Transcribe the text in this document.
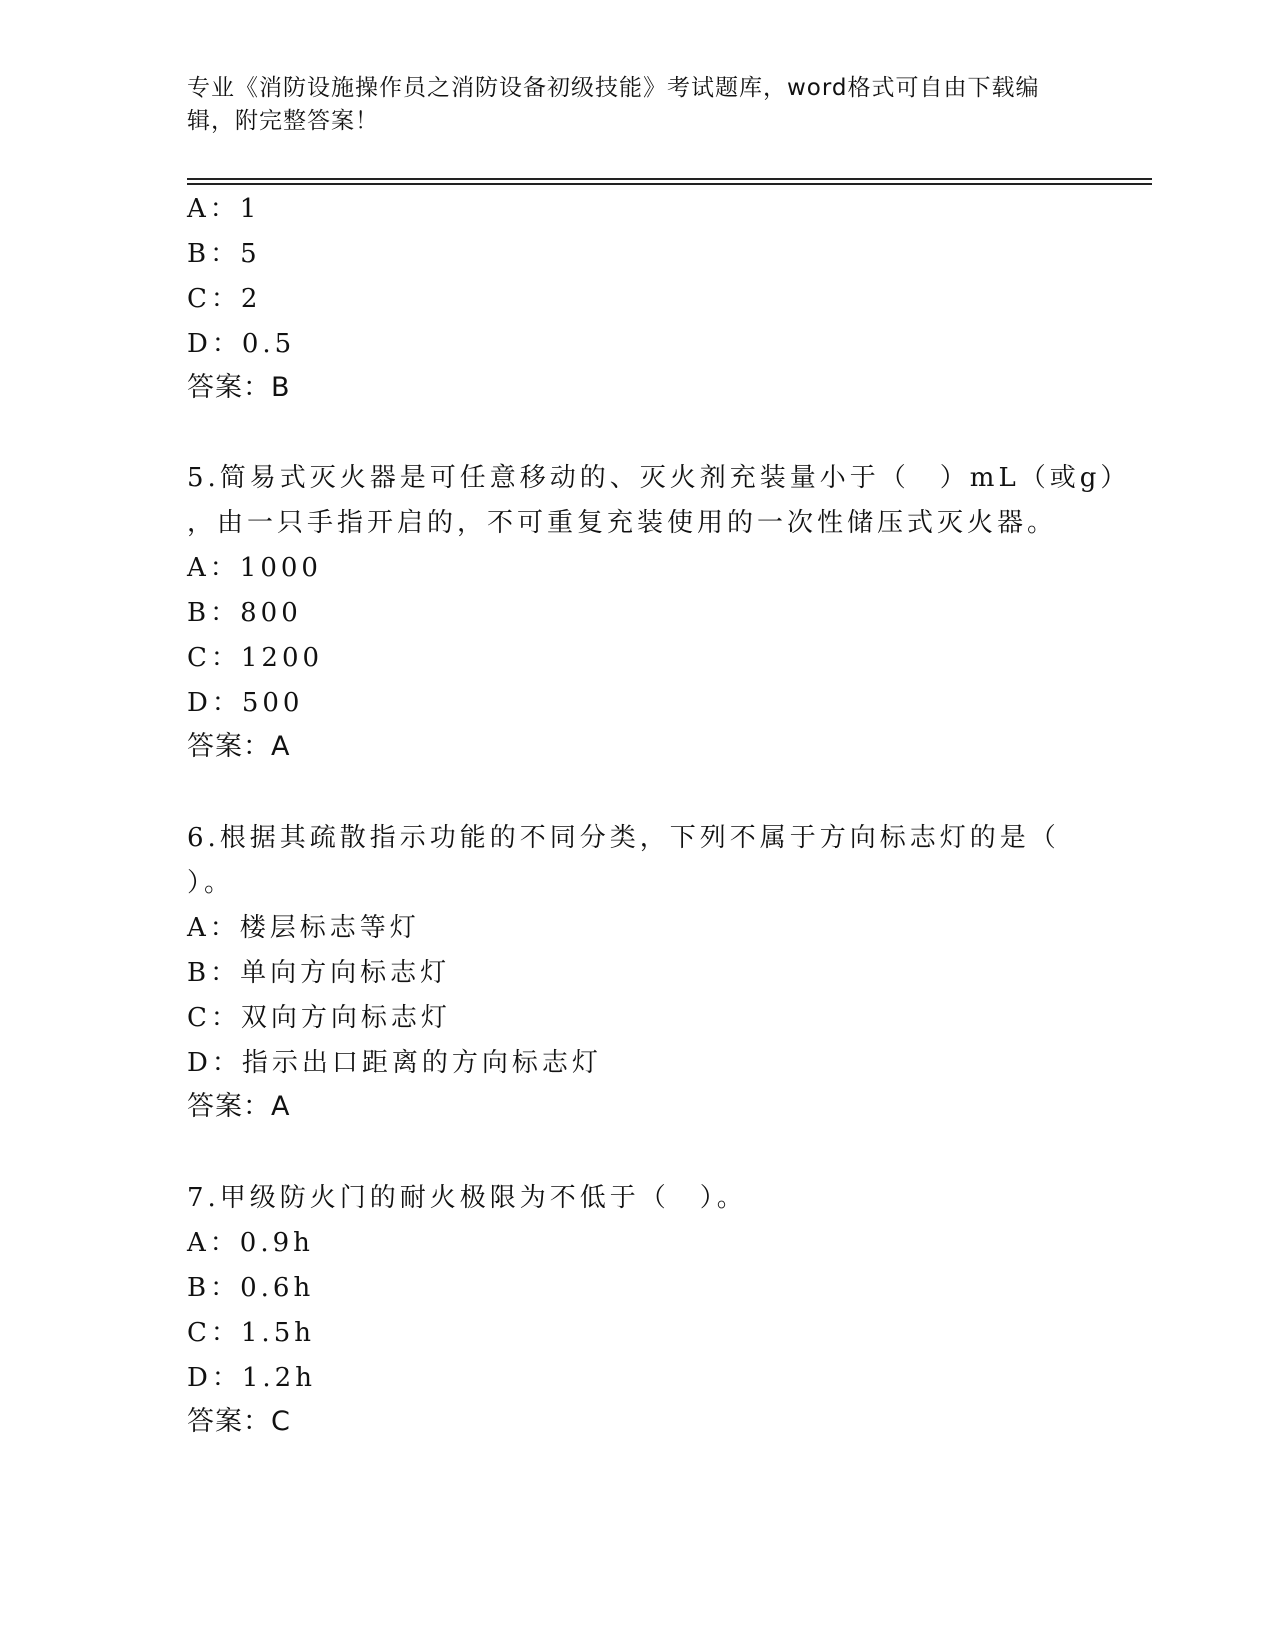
专业《消防设施操作员之消防设备初级技能》考试题库，word格式可自由下载编
辑，附完整答案！
A：1
B：5
C：2
D：0.5
答案：B
5.简易式灭火器是可任意移动的、灭火剂充装量小于（　）mL（或g）
，由一只手指开启的，不可重复充装使用的一次性储压式灭火器。
A：1000
B：800
C：1200
D：500
答案：A
6.根据其疏散指示功能的不同分类，下列不属于方向标志灯的是（
）。
A：楼层标志等灯
B：单向方向标志灯
C：双向方向标志灯
D：指示出口距离的方向标志灯
答案：A
7.甲级防火门的耐火极限为不低于（　）。
A：0.9h
B：0.6h
C：1.5h
D：1.2h
答案：C
